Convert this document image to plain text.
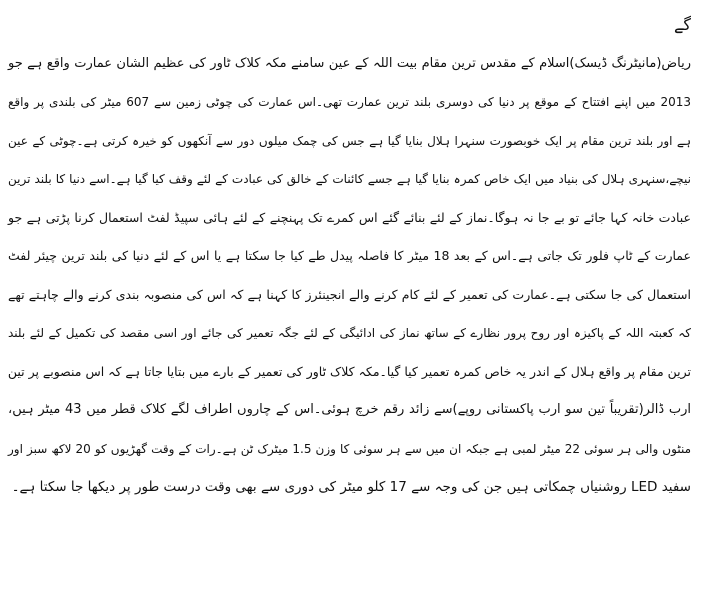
گے
ریاض(مانیٹرنگ ڈیسک)اسلام کے مقدس ترین مقام بیت اللہ کے عین سامنے مکہ کلاک ٹاور کی عظیم الشان عمارت واقع ہے جو
2013 میں اپنے افتتاح کے موقع پر دنیا کی دوسری بلند ترین عمارت تھی۔اس عمارت کی چوٹی زمین سے 607 میٹر کی بلندی پر واقع
ہے اور بلند ترین مقام پر ایک خوبصورت سنہرا ہلال بنایا گیا ہے جس کی چمک میلوں دور سے آنکھوں کو خیرہ کرتی ہے۔چوٹی کے عین
نیچے،سنہری ہلال کی بنیاد میں ایک خاص کمرہ بنایا گیا ہے جسے کائنات کے خالق کی عبادت کے لئے وقف کیا گیا ہے۔اسے دنیا کا بلند ترین
عبادت خانہ کہا جائے تو بے جا نہ ہوگا۔نماز کے لئے بنائے گئے اس کمرے تک پہنچنے کے لئے ہائی سپیڈ لفٹ استعمال کرنا پڑتی ہے جو
عمارت کے ٹاپ فلور تک جاتی ہے۔اس کے بعد 18 میٹر کا فاصلہ پیدل طے کیا جا سکتا ہے یا اس کے لئے دنیا کی بلند ترین چیئر لفٹ
استعمال کی جا سکتی ہے۔عمارت کی تعمیر کے لئے کام کرنے والے انجینئرز کا کہنا ہے کہ اس کی منصوبہ بندی کرنے والے چاہتے تھے
کہ کعبتہ اللہ کے پاکیزہ اور روح پرور نظارے کے ساتھ نماز کی ادائیگی کے لئے جگہ تعمیر کی جائے اور اسی مقصد کی تکمیل کے لئے بلند
ترین مقام پر واقع ہلال کے اندر یہ خاص کمرہ تعمیر کیا گیا۔مکہ کلاک ٹاور کی تعمیر کے بارے میں بتایا جاتا ہے کہ اس منصوبے پر تین
ارب ڈالر(تقریباً تین سو ارب پاکستانی روپے)سے زائد رقم خرچ ہوئی۔اس کے چاروں اطراف لگے کلاک قطر میں 43 میٹر ہیں،
منٹوں والی ہر سوئی 22 میٹر لمبی ہے جبکہ ان میں سے ہر سوئی کا وزن 1.5 میٹرک ٹن ہے۔رات کے وقت گھڑیوں کو 20 لاکھ سبز اور
سفید LED روشنیاں چمکاتی ہیں جن کی وجہ سے 17 کلو میٹر کی دوری سے بھی وقت درست طور پر دیکھا جا سکتا ہے۔
